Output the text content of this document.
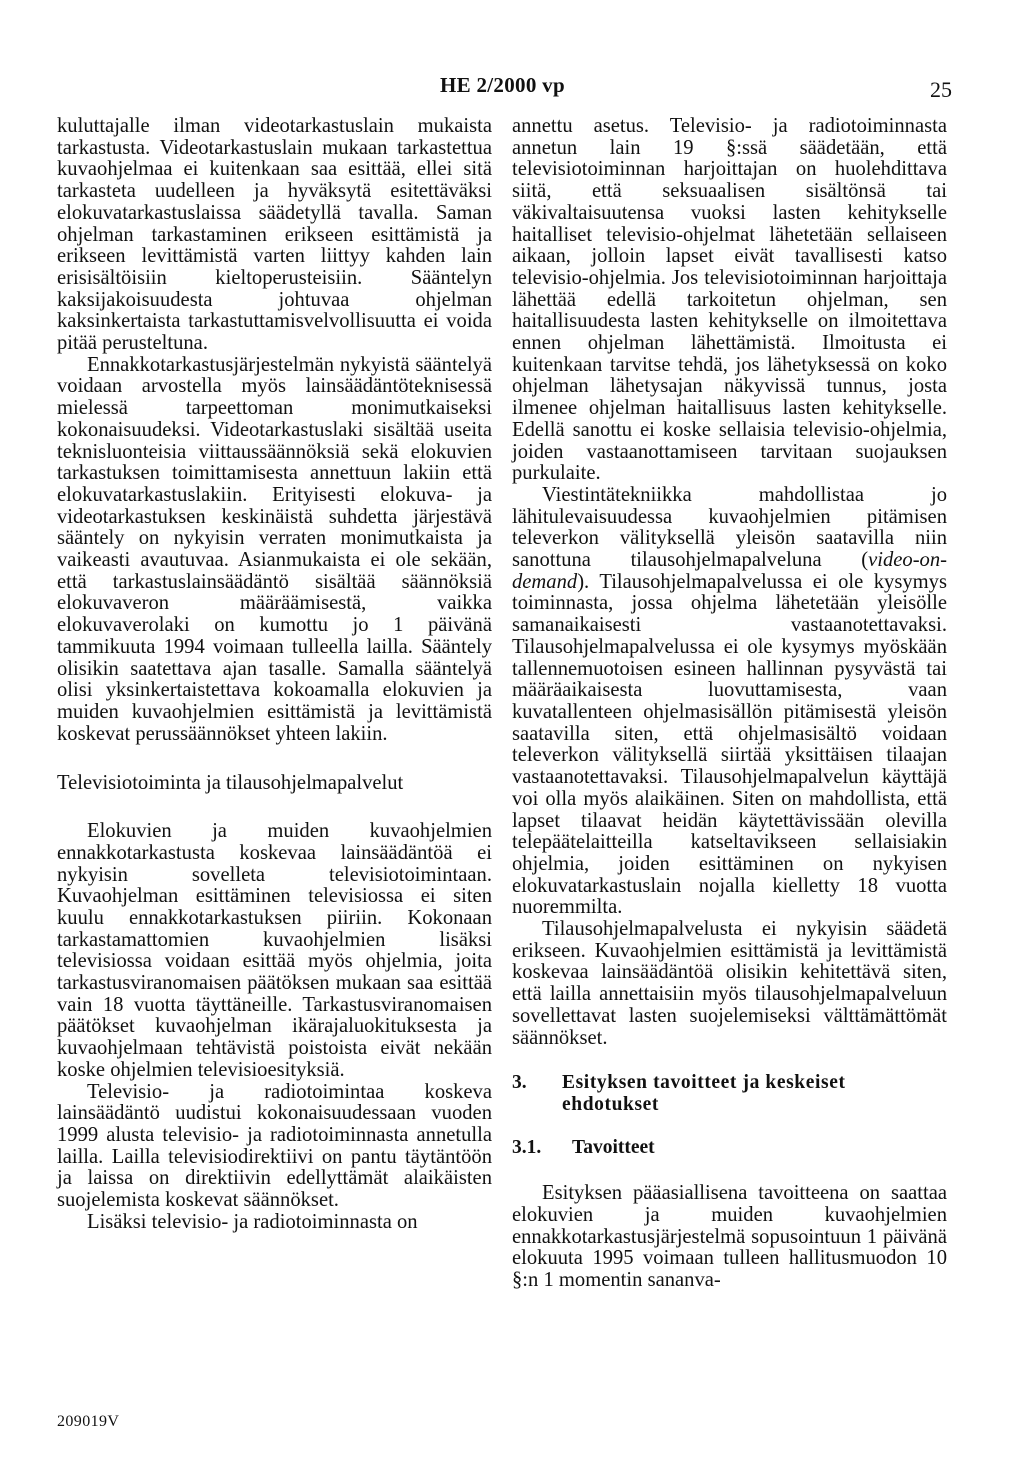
HE 2/2000 vp	25

kuluttajalle ilman videotarkastuslain mukaista tarkastusta. Videotarkastuslain mukaan tarkastettua kuvaohjelmaa ei kuitenkaan saa esittää, ellei sitä tarkasteta uudelleen ja hyväksytä esitettäväksi elokuvatarkastuslaissa säädetyllä tavalla. Saman ohjelman tarkastaminen erikseen esittämistä ja erikseen levittämistä varten liittyy kahden lain erisisältöisiin kieltoperusteisiin. Sääntelyn kaksijakoisuudesta johtuvaa ohjelman kaksinkertaista tarkastuttamisvelvollisuutta ei voida pitää perusteltuna.

Ennakkotarkastusjärjestelmän nykyistä sääntelyä voidaan arvostella myös lainsäädäntöteknisessä mielessä tarpeettoman monimutkaiseksi kokonaisuudeksi. Videotarkastuslaki sisältää useita teknisluonteisia viittaussäännöksiä sekä elokuvien tarkastuksen toimittamisesta annettuun lakiin että elokuvatarkastuslakiin. Erityisesti elokuva- ja videotarkastuksen keskinäistä suhdetta järjestävä sääntely on nykyisin verraten monimutkaista ja vaikeasti avautuvaa. Asianmukaista ei ole sekään, että tarkastuslainsäädäntö sisältää säännöksiä elokuvaveron määräämisestä, vaikka elokuvaverolaki on kumottu jo 1 päivänä tammikuuta 1994 voimaan tulleella lailla. Sääntely olisikin saatettava ajan tasalle. Samalla sääntelyä olisi yksinkertaistettava kokoamalla elokuvien ja muiden kuvaohjelmien esittämistä ja levittämistä koskevat perussäännökset yhteen lakiin.

Televisiotoiminta ja tilausohjelmapalvelut

Elokuvien ja muiden kuvaohjelmien ennakkotarkastusta koskevaa lainsäädäntöä ei nykyisin sovelleta televisiotoimintaan. Kuvaohjelman esittäminen televisiossa ei siten kuulu ennakkotarkastuksen piiriin. Kokonaan tarkastamattomien kuvaohjelmien lisäksi televisiossa voidaan esittää myös ohjelmia, joita tarkastusviranomaisen päätöksen mukaan saa esittää vain 18 vuotta täyttäneille. Tarkastusviranomaisen päätökset kuvaohjelman ikärajaluokituksesta ja kuvaohjelmaan tehtävistä poistoista eivät nekään koske ohjelmien televisioesityksiä.

Televisio- ja radiotoimintaa koskeva lainsäädäntö uudistui kokonaisuudessaan vuoden 1999 alusta televisio- ja radiotoiminnasta annetulla lailla. Lailla televisiodirektiivi on pantu täytäntöön ja laissa on direktiivin edellyttämät alaikäisten suojelemista koskevat säännökset.

Lisäksi televisio- ja radiotoiminnasta on

annettu asetus. Televisio- ja radiotoiminnasta annetun lain 19 §:ssä säädetään, että televisiotoiminnan harjoittajan on huolehdittava siitä, että seksuaalisen sisältönsä tai väkivaltaisuutensa vuoksi lasten kehitykselle haitalliset televisio-ohjelmat lähetetään sellaiseen aikaan, jolloin lapset eivät tavallisesti katso televisio-ohjelmia. Jos televisiotoiminnan harjoittaja lähettää edellä tarkoitetun ohjelman, sen haitallisuudesta lasten kehitykselle on ilmoitettava ennen ohjelman lähettämistä. Ilmoitusta ei kuitenkaan tarvitse tehdä, jos lähetyksessä on koko ohjelman lähetysajan näkyvissä tunnus, josta ilmenee ohjelman haitallisuus lasten kehitykselle. Edellä sanottu ei koske sellaisia televisio-ohjelmia, joiden vastaanottamiseen tarvitaan suojauksen purkulaite.

Viestintätekniikka mahdollistaa jo lähitulevaisuudessa kuvaohjelmien pitämisen televerkon välityksellä yleisön saatavilla niin sanottuna tilausohjelmapalveluna (video-on-demand). Tilausohjelmapalvelussa ei ole kysymys toiminnasta, jossa ohjelma lähetetään yleisölle samanaikaisesti vastaanotettavaksi. Tilausohjelmapalvelussa ei ole kysymys myöskään tallennemuotoisen esineen hallinnan pysyvästä tai määräaikaisesta luovuttamisesta, vaan kuvatallenteen ohjelmasisällön pitämisestä yleisön saatavilla siten, että ohjelmasisältö voidaan televerkon välityksellä siirtää yksittäisen tilaajan vastaanotettavaksi. Tilausohjelmapalvelun käyttäjä voi olla myös alaikäinen. Siten on mahdollista, että lapset tilaavat heidän käytettävissään olevilla telepäätelaitteilla katseltavikseen sellaisiakin ohjelmia, joiden esittäminen on nykyisen elokuvatarkastuslain nojalla kielletty 18 vuotta nuoremmilta.

Tilausohjelmapalvelusta ei nykyisin säädetä erikseen. Kuvaohjelmien esittämistä ja levittämistä koskevaa lainsäädäntöä olisikin kehitettävä siten, että lailla annettaisiin myös tilausohjelmapalveluun sovellettavat lasten suojelemiseksi välttämättömät säännökset.

3.	Esityksen tavoitteet ja keskeiset ehdotukset
3.1.	Tavoitteet

Esityksen pääasiallisena tavoitteena on saattaa elokuvien ja muiden kuvaohjelmien ennakkotarkastusjärjestelmä sopusointuun 1 päivänä elokuuta 1995 voimaan tulleen hallitusmuodon 10 §:n 1 momentin sananva-

209019V
